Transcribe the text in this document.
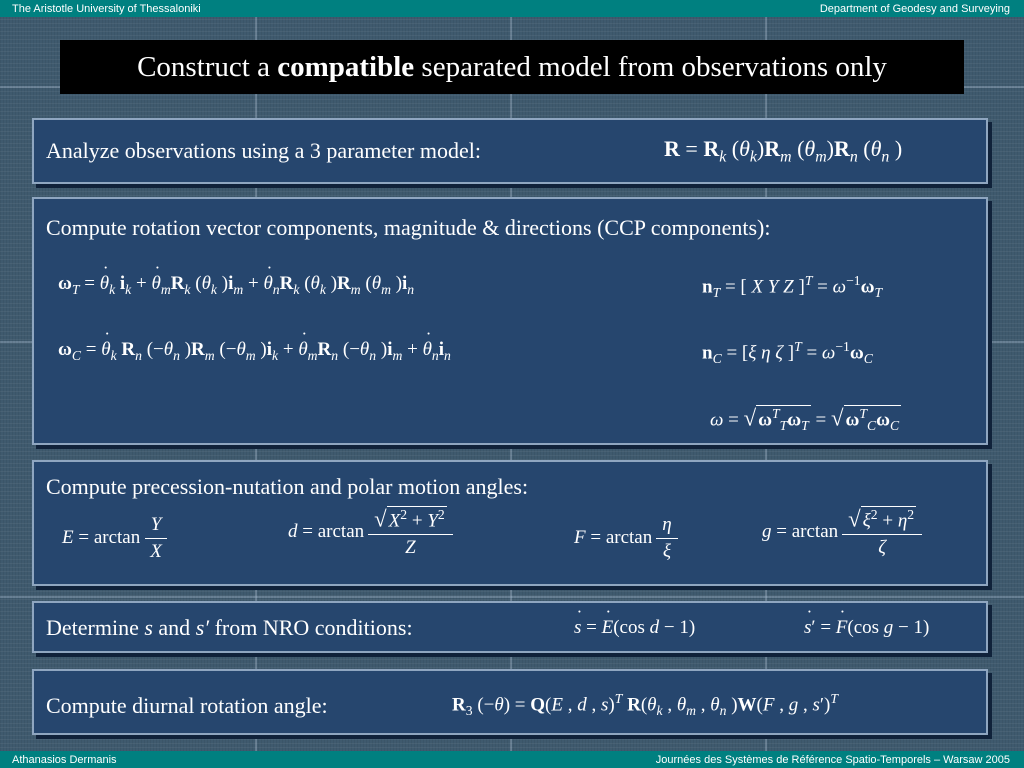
The Aristotle University of Thessaloniki	Department of Geodesy and Surveying
Construct a compatible separated model from observations only
Analyze observations using a 3 parameter model:	$R = R_k$ $(\theta_k)R_m$ $(\theta_m)R_n$ ($\theta_n$ )
Compute rotation vector components, magnitude & directions (CCP components):
$\omega_T = \theta$ $˙_k$ $i_k + \theta$ $˙_mR_k$ ($\theta_k$ )$i_m + \theta$ $˙_nR_k$ ($\theta_k$ )$R_m$ ($\theta_m$ )$i_n$	$n_T$ = [ X Y Z ]$^T = \omega^{-1}\omega_T$
$\omega_C = \theta$ $˙_k$ $R_n$ ($-\theta_n$ )$R_m$ ($-\theta_m$ )$i_k + \theta$ $˙_mR_n$ ($-\theta_n$ )$i_m + \theta$ $˙_ni_n$	$n_C = [\xi$ η ζ ]$^T = \omega^{-1}\omega_C$
ω = √ $\omega^T_T\omega_T$ = √ $\omega^T_C\omega_C$
Compute precession-nutation and polar motion angles:
$E = \arctan \frac{Y}{X}$	$d = \arctan \frac{√ X^2 + Y^2}{Z}$	$F = \arctan \frac{\eta}{\xi}$	$g = \arctan \frac{√ \xi^2 + \eta^2}{\zeta}$
Determine s and s′ from NRO conditions:	s ˙ = E ˙(cos d − 1)	s ˙′ = F ˙(cos g − 1)
Compute diurnal rotation angle:	$R_3$ (−θ) = Q(E , d , s)$^T$ $R(\theta_k$ , $\theta_m$ , $\theta_n$ )W(F , g , s′)$^T$
Athanasios Dermanis	Journées des Systèmes de Référence Spatio-Temporels – Warsaw 2005
